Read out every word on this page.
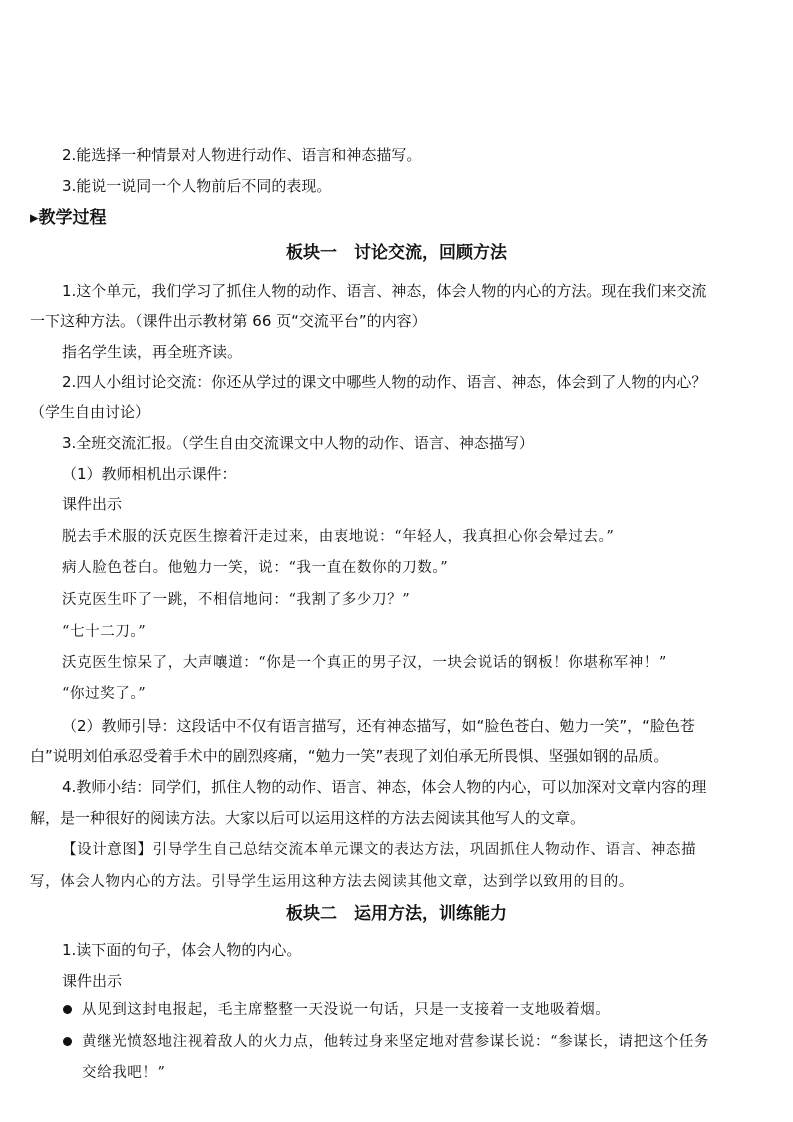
2.能选择一种情景对人物进行动作、语言和神态描写。
3.能说一说同一个人物前后不同的表现。
▸教学过程
板块一　讨论交流，回顾方法
1.这个单元，我们学习了抓住人物的动作、语言、神态，体会人物的内心的方法。现在我们来交流
一下这种方法。（课件出示教材第 66 页“交流平台”的内容）
指名学生读，再全班齐读。
2.四人小组讨论交流：你还从学过的课文中哪些人物的动作、语言、神态，体会到了人物的内心？
（学生自由讨论）
3.全班交流汇报。（学生自由交流课文中人物的动作、语言、神态描写）
（1）教师相机出示课件：
课件出示
脱去手术服的沃克医生擦着汗走过来，由衷地说：“年轻人，我真担心你会晕过去。”
病人脸色苍白。他勉力一笑，说：“我一直在数你的刀数。”
沃克医生吓了一跳，不相信地问：“我割了多少刀？”
“七十二刀。”
沃克医生惊呆了，大声嚷道：“你是一个真正的男子汉，一块会说话的钢板！你堪称军神！”
“你过奖了。”
（2）教师引导：这段话中不仅有语言描写，还有神态描写，如“脸色苍白、勉力一笑”，“脸色苍
白”说明刘伯承忍受着手术中的剧烈疼痛，“勉力一笑”表现了刘伯承无所畏惧、坚强如钢的品质。
4.教师小结：同学们，抓住人物的动作、语言、神态，体会人物的内心，可以加深对文章内容的理
解，是一种很好的阅读方法。大家以后可以运用这样的方法去阅读其他写人的文章。
【设计意图】引导学生自己总结交流本单元课文的表达方法，巩固抓住人物动作、语言、神态描
写，体会人物内心的方法。引导学生运用这种方法去阅读其他文章，达到学以致用的目的。
板块二　运用方法，训练能力
1.读下面的句子，体会人物的内心。
课件出示
从见到这封电报起，毛主席整整一天没说一句话，只是一支接着一支地吸着烟。
黄继光愤怒地注视着敌人的火力点，他转过身来坚定地对营参谋长说：“参谋长，请把这个任务
交给我吧！”
